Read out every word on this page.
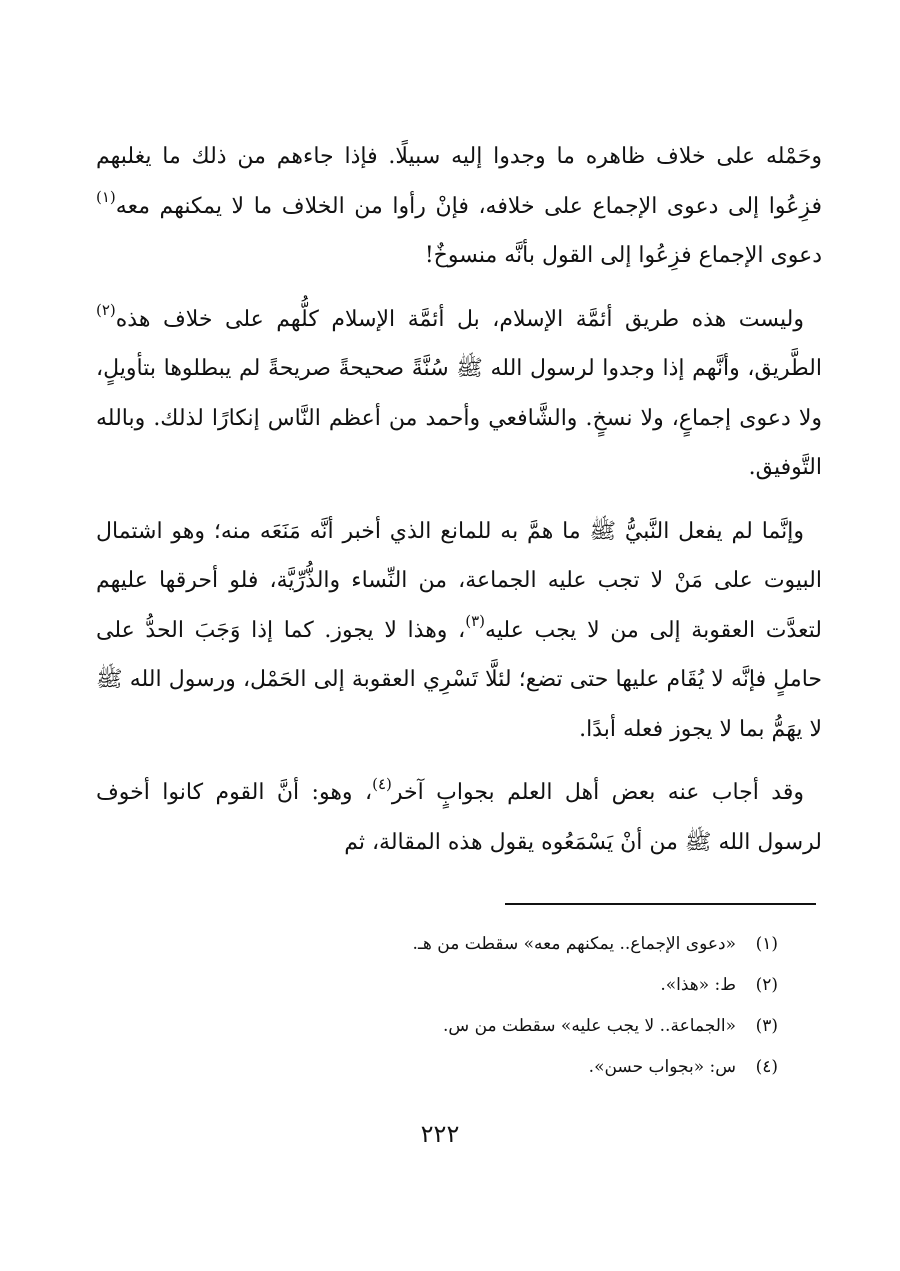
وحَمْله على خلاف ظاهره ما وجدوا إليه سبيلًا. فإذا جاءهم من ذلك ما يغلبهم فزِعُوا إلى دعوى الإجماع على خلافه، فإنْ رأوا من الخلاف ما لا يمكنهم معه$^{(١)}$ دعوى الإجماع فزِعُوا إلى القول بأنَّه منسوخٌ!

وليست هذه طريق أئمَّة الإسلام، بل أئمَّة الإسلام كلُّهم على خلاف هذه$^{(٢)}$ الطَّريق، وأنَّهم إذا وجدوا لرسول الله ﷺ سُنَّةً صحيحةً صريحةً لم يبطلوها بتأويلٍ، ولا دعوى إجماعٍ، ولا نسخٍ. والشَّافعي وأحمد من أعظم النَّاس إنكارًا لذلك. وبالله التَّوفيق.

وإنَّما لم يفعل النَّبيُّ ﷺ ما همَّ به للمانع الذي أخبر أنَّه مَنَعَه منه؛ وهو اشتمال البيوت على مَنْ لا تجب عليه الجماعة، من النِّساء والذُّرِّيَّة، فلو أحرقها عليهم لتعدَّت العقوبة إلى من لا يجب عليه$^{(٣)}$، وهذا لا يجوز. كما إذا وَجَبَ الحدُّ على حاملٍ فإنَّه لا يُقَام عليها حتى تضع؛ لئلَّا تَسْرِي العقوبة إلى الحَمْل، ورسول الله ﷺ لا يهَمُّ بما لا يجوز فعله أبدًا.

وقد أجاب عنه بعض أهل العلم بجوابٍ آخر$^{(٤)}$، وهو: أنَّ القوم كانوا أخوف لرسول الله ﷺ من أنْ يَسْمَعُوه يقول هذه المقالة، ثم

(١)
«دعوى الإجماع.. يمكنهم معه» سقطت من هـ.
(٢)
ط: «هذا».
(٣)
«الجماعة.. لا يجب عليه» سقطت من س.
(٤)
س: «بجواب حسن».
٢٢٢
